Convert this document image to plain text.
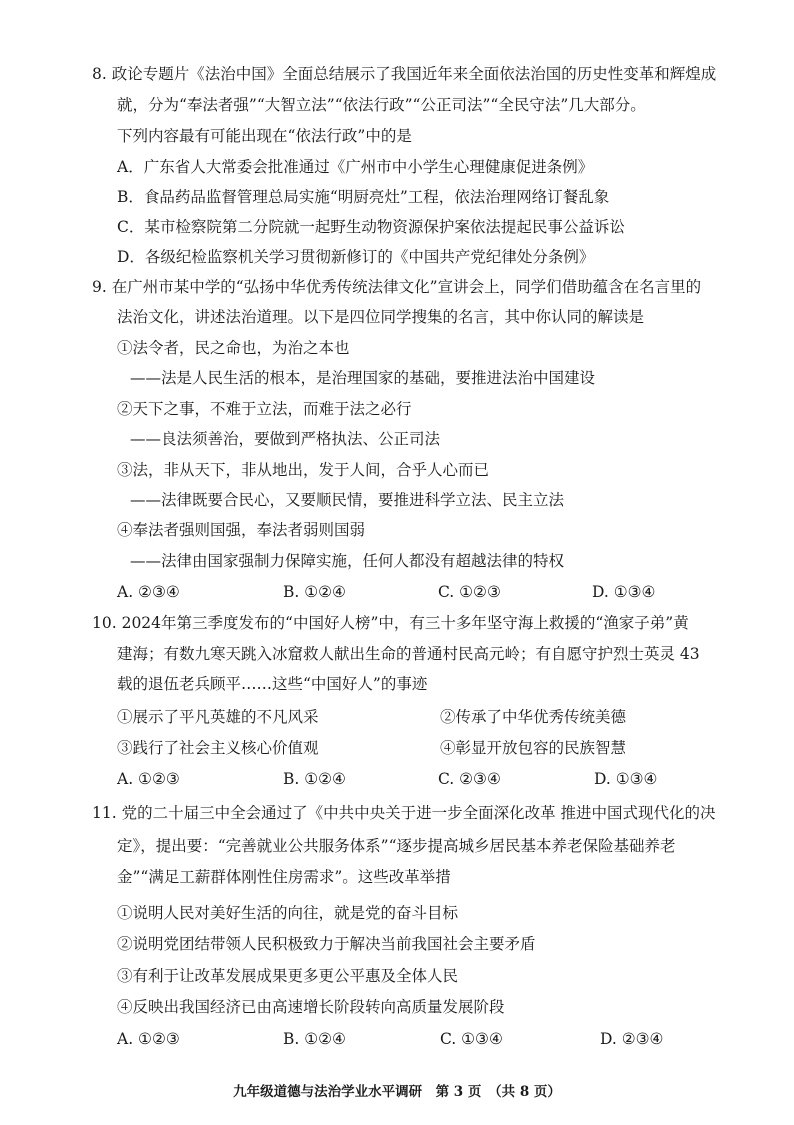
8. 政论专题片《法治中国》全面总结展示了我国近年来全面依法治国的历史性变革和辉煌成
就，分为“奉法者强”“大智立法”“依法行政”“公正司法”“全民守法”几大部分。
下列内容最有可能出现在“依法行政”中的是
A．广东省人大常委会批准通过《广州市中小学生心理健康促进条例》
B．食品药品监督管理总局实施“明厨亮灶”工程，依法治理网络订餐乱象
C．某市检察院第二分院就一起野生动物资源保护案依法提起民事公益诉讼
D．各级纪检监察机关学习贯彻新修订的《中国共产党纪律处分条例》
9. 在广州市某中学的“弘扬中华优秀传统法律文化”宣讲会上，同学们借助蕴含在名言里的
法治文化，讲述法治道理。以下是四位同学搜集的名言，其中你认同的解读是
①法令者，民之命也，为治之本也
——法是人民生活的根本，是治理国家的基础，要推进法治中国建设
②天下之事，不难于立法，而难于法之必行
——良法须善治，要做到严格执法、公正司法
③法，非从天下，非从地出，发于人间，合乎人心而已
——法律既要合民心，又要顺民情，要推进科学立法、民主立法
④奉法者强则国强，奉法者弱则国弱
——法律由国家强制力保障实施，任何人都没有超越法律的特权
A. ②③④	B. ①②④	C. ①②③	D. ①③④
10. 2024年第三季度发布的“中国好人榜”中，有三十多年坚守海上救援的“渔家子弟”黄
建海；有数九寒天跳入冰窟救人献出生命的普通村民高元岭；有自愿守护烈士英灵 43
载的退伍老兵顾平……这些“中国好人”的事迹
①展示了平凡英雄的不凡风采	②传承了中华优秀传统美德
③践行了社会主义核心价值观	④彰显开放包容的民族智慧
A. ①②③	B. ①②④	C. ②③④	D. ①③④
11. 党的二十届三中全会通过了《中共中央关于进一步全面深化改革 推进中国式现代化的决
定》，提出要：“完善就业公共服务体系”“逐步提高城乡居民基本养老保险基础养老
金”“满足工薪群体刚性住房需求”。这些改革举措
①说明人民对美好生活的向往，就是党的奋斗目标
②说明党团结带领人民积极致力于解决当前我国社会主要矛盾
③有利于让改革发展成果更多更公平惠及全体人民
④反映出我国经济已由高速增长阶段转向高质量发展阶段
A. ①②③	B. ①②④	C. ①③④	D. ②③④
九年级道德与法治学业水平调研　第 3 页　（共 8 页）
